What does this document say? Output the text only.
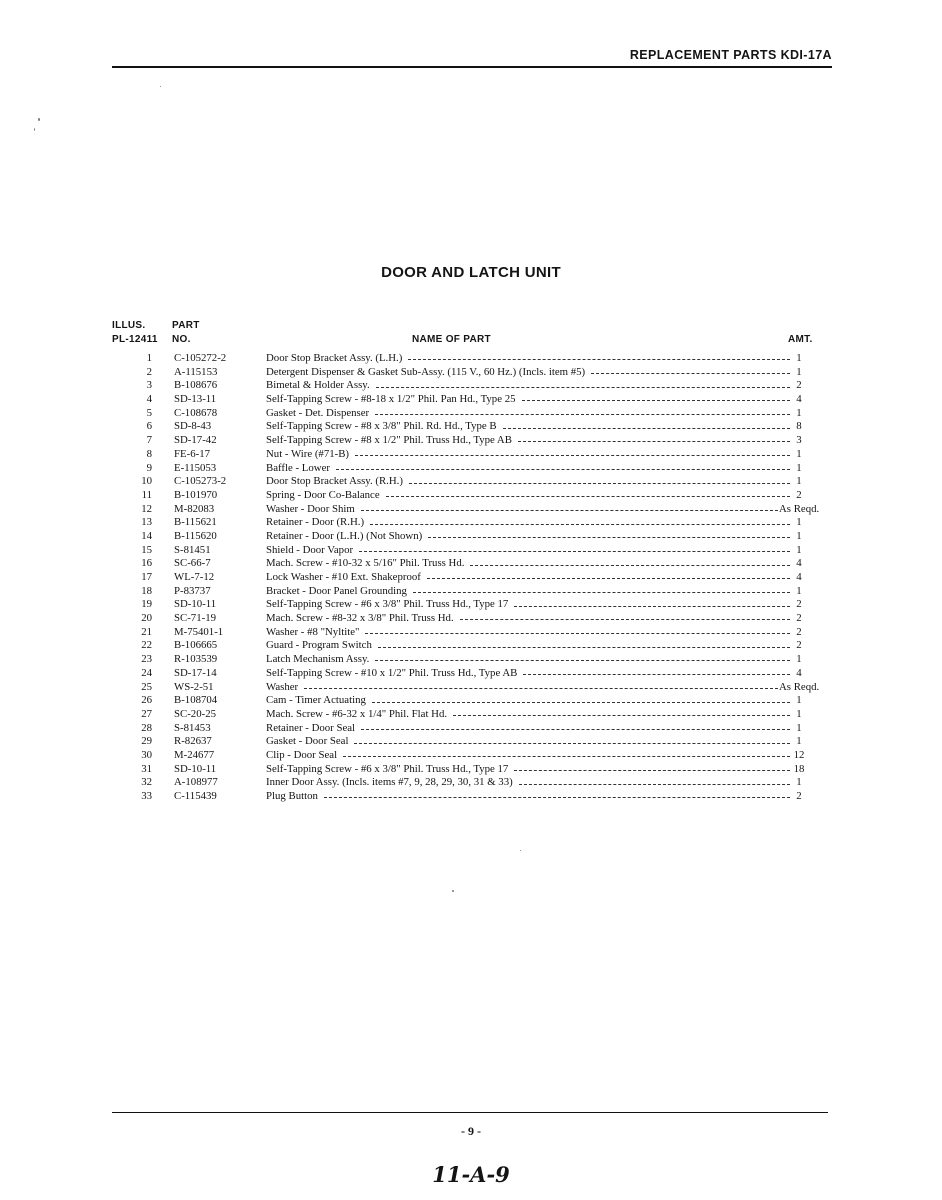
REPLACEMENT PARTS KDI-17A
DOOR AND LATCH UNIT
ILLUS.	PART
PL-12411 NO.	NAME OF PART	AMT.
1 C-105272-2	Door Stop Bracket Assy. (L.H.)	1
2 A-115153	Detergent Dispenser & Gasket Sub-Assy. (115 V., 60 Hz.) (Incls. item #5)	1
3 B-108676	Bimetal & Holder Assy.	2
4 SD-13-11	Self-Tapping Screw - #8-18 x 1/2" Phil. Pan Hd., Type 25	4
5 C-108678	Gasket - Det. Dispenser	1
6 SD-8-43	Self-Tapping Screw - #8 x 3/8" Phil. Rd. Hd., Type B	8
7 SD-17-42	Self-Tapping Screw - #8 x 1/2" Phil. Truss Hd., Type AB	3
8 FE-6-17	Nut - Wire (#71-B)	1
9 E-115053	Baffle - Lower	1
10 C-105273-2	Door Stop Bracket Assy. (R.H.)	1
11 B-101970	Spring - Door Co-Balance	2
12 M-82083	Washer - Door Shim	As Reqd.
13 B-115621	Retainer - Door (R.H.)	1
14 B-115620	Retainer - Door (L.H.) (Not Shown)	1
15 S-81451	Shield - Door Vapor	1
16 SC-66-7	Mach. Screw - #10-32 x 5/16" Phil. Truss Hd.	4
17 WL-7-12	Lock Washer - #10 Ext. Shakeproof	4
18 P-83737	Bracket - Door Panel Grounding	1
19 SD-10-11	Self-Tapping Screw - #6 x 3/8" Phil. Truss Hd., Type 17	2
20 SC-71-19	Mach. Screw - #8-32 x 3/8" Phil. Truss Hd.	2
21 M-75401-1	Washer - #8 "Nyltite"	2
22 B-106665	Guard - Program Switch	2
23 R-103539	Latch Mechanism Assy.	1
24 SD-17-14	Self-Tapping Screw - #10 x 1/2" Phil. Truss Hd., Type AB	4
25 WS-2-51	Washer	As Reqd.
26 B-108704	Cam - Timer Actuating	1
27 SC-20-25	Mach. Screw - #6-32 x 1/4" Phil. Flat Hd.	1
28 S-81453	Retainer - Door Seal	1
29 R-82637	Gasket - Door Seal	1
30 M-24677	Clip - Door Seal	12
31 SD-10-11	Self-Tapping Screw - #6 x 3/8" Phil. Truss Hd., Type 17	18
32 A-108977	Inner Door Assy. (Incls. items #7, 9, 28, 29, 30, 31 & 33)	1
33 C-115439	Plug Button	2
- 9 -
11-A-9
